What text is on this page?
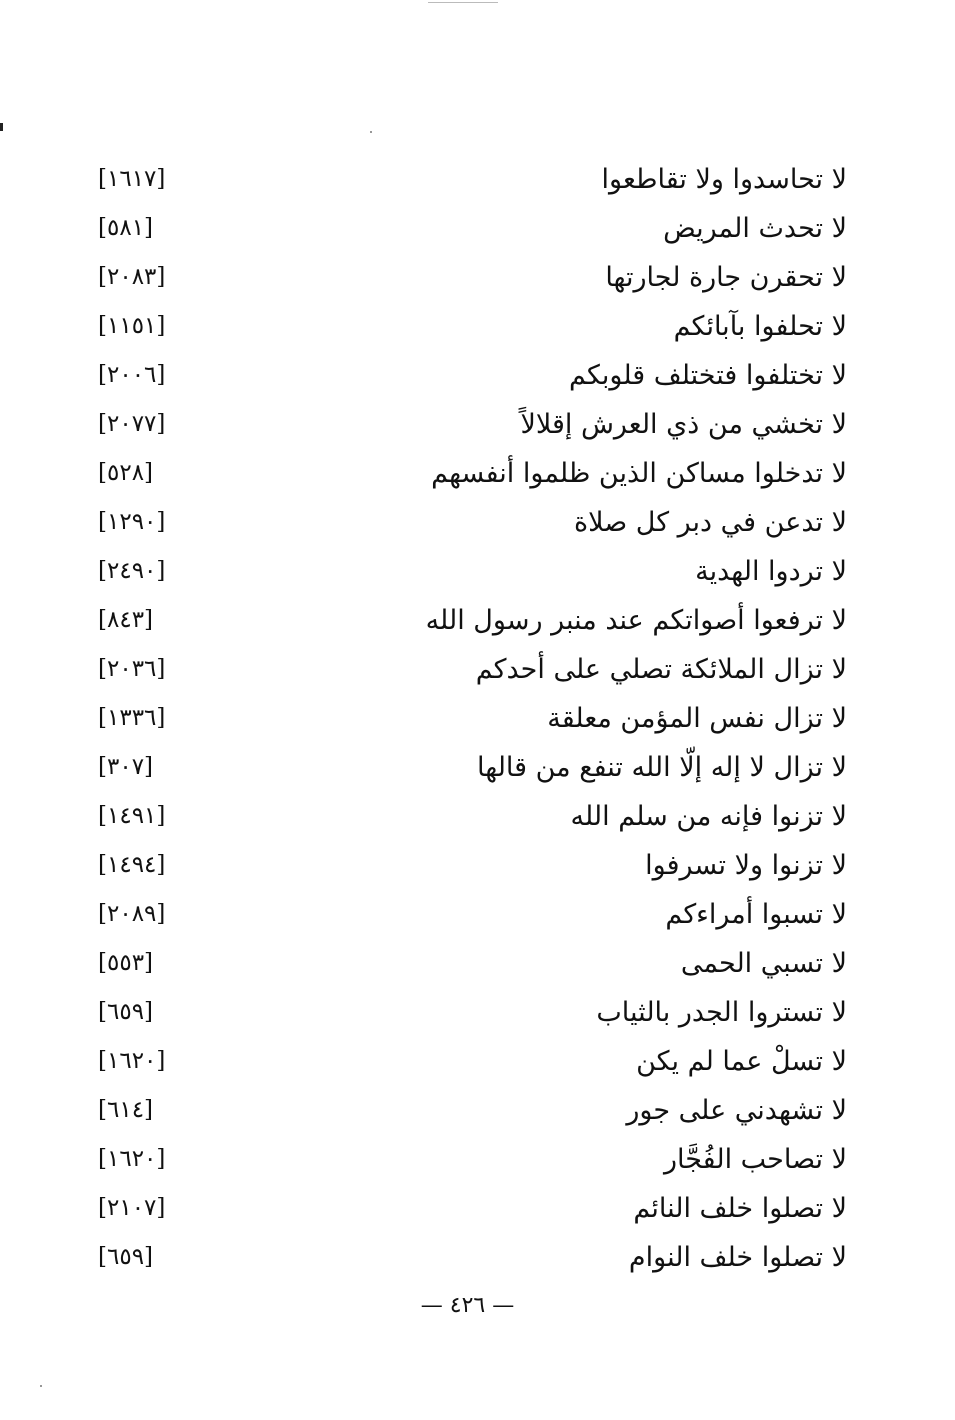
لا تحاسدوا ولا تقاطعوا
[١٦١٧]
لا تحدث المريض
[٥٨١]
لا تحقرن جارة لجارتها
[٢٠٨٣]
لا تحلفوا بآبائكم
[١١٥١]
لا تختلفوا فتختلف قلوبكم
[٢٠٠٦]
لا تخشي من ذي العرش إقلالاً
[٢٠٧٧]
لا تدخلوا مساكن الذين ظلموا أنفسهم
[٥٢٨]
لا تدعن في دبر كل صلاة
[١٢٩٠]
لا تردوا الهدية
[٢٤٩٠]
لا ترفعوا أصواتكم عند منبر رسول الله
[٨٤٣]
لا تزال الملائكة تصلي على أحدكم
[٢٠٣٦]
لا تزال نفس المؤمن معلقة
[١٣٣٦]
لا تزال لا إله إلّا الله تنفع من قالها
[٣٠٧]
لا تزنوا فإنه من سلم الله
[١٤٩١]
لا تزنوا ولا تسرفوا
[١٤٩٤]
لا تسبوا أمراءكم
[٢٠٨٩]
لا تسبي الحمى
[٥٥٣]
لا تستروا الجدر بالثياب
[٦٥٩]
لا تسلْ عما لم يكن
[١٦٢٠]
لا تشهدني على جور
[٦١٤]
لا تصاحب الفُجَّار
[١٦٢٠]
لا تصلوا خلف النائم
[٢١٠٧]
لا تصلوا خلف النوام
[٦٥٩]
— ٤٢٦ —
